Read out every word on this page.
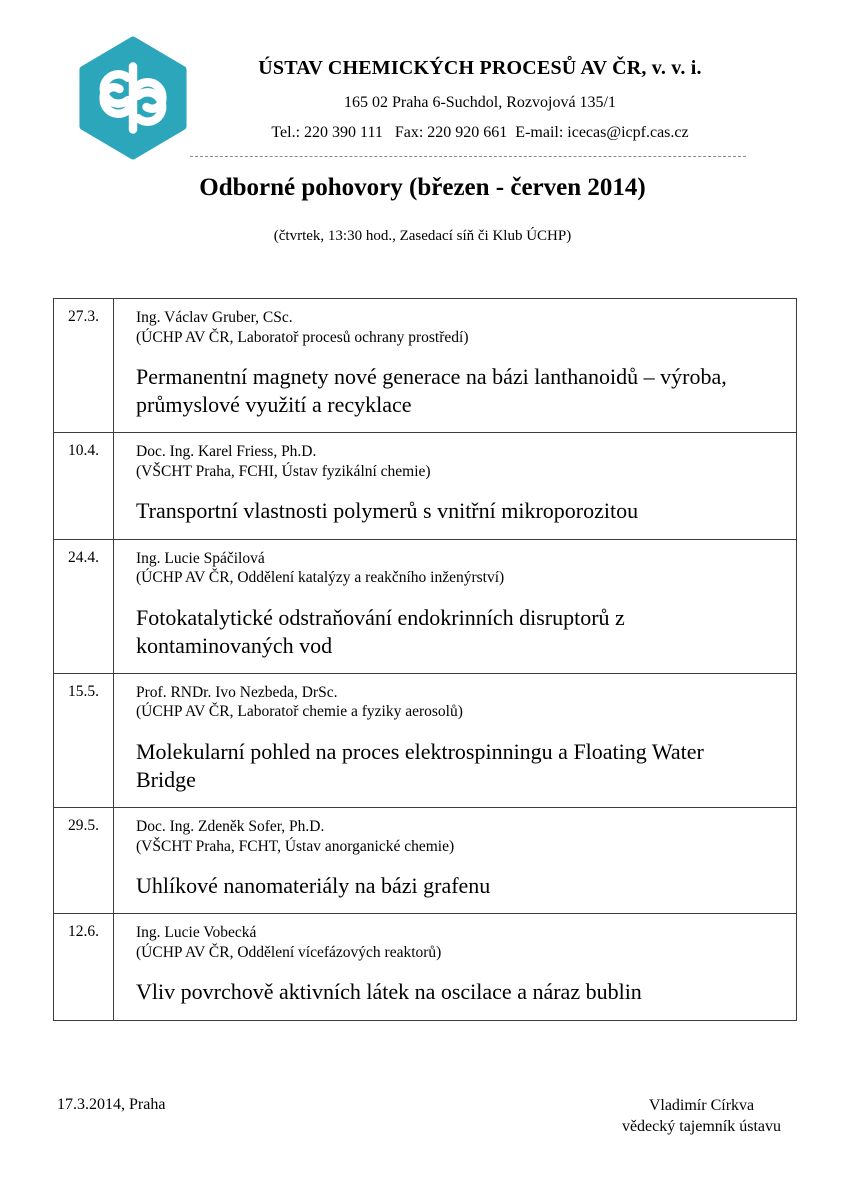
ÚSTAV CHEMICKÝCH PROCESŮ AV ČR, v. v. i.
165 02 Praha 6-Suchdol, Rozvojová 135/1
Tel.: 220 390 111   Fax: 220 920 661  E-mail: icecas@icpf.cas.cz
Odborné pohovory (březen - červen 2014)
(čtvrtek, 13:30 hod., Zasedací síň či Klub ÚCHP)
27.3.	Ing. Václav Gruber, CSc.
(ÚCHP AV ČR, Laboratoř procesů ochrany prostředí)
Permanentní magnety nové generace na bázi lanthanoidů – výroba, průmyslové využití a recyklace
10.4.	Doc. Ing. Karel Friess, Ph.D.
(VŠCHT Praha, FCHI, Ústav fyzikální chemie)
Transportní vlastnosti polymerů s vnitřní mikroporozitou
24.4.	Ing. Lucie Spáčilová
(ÚCHP AV ČR, Oddělení katalýzy a reakčního inženýrství)
Fotokatalytické odstraňování endokrinních disruptorů z kontaminovaných vod
15.5.	Prof. RNDr. Ivo Nezbeda, DrSc.
(ÚCHP AV ČR, Laboratoř chemie a fyziky aerosolů)
Molekularní pohled na proces elektrospinningu a Floating Water Bridge
29.5.	Doc. Ing. Zdeněk Sofer, Ph.D.
(VŠCHT Praha, FCHT, Ústav anorganické chemie)
Uhlíkové nanomateriály na bázi grafenu
12.6.	Ing. Lucie Vobecká
(ÚCHP AV ČR, Oddělení vícefázových reaktorů)
Vliv povrchově aktivních látek na oscilace a náraz bublin
17.3.2014, Praha	Vladimír Církva
vědecký tajemník ústavu
